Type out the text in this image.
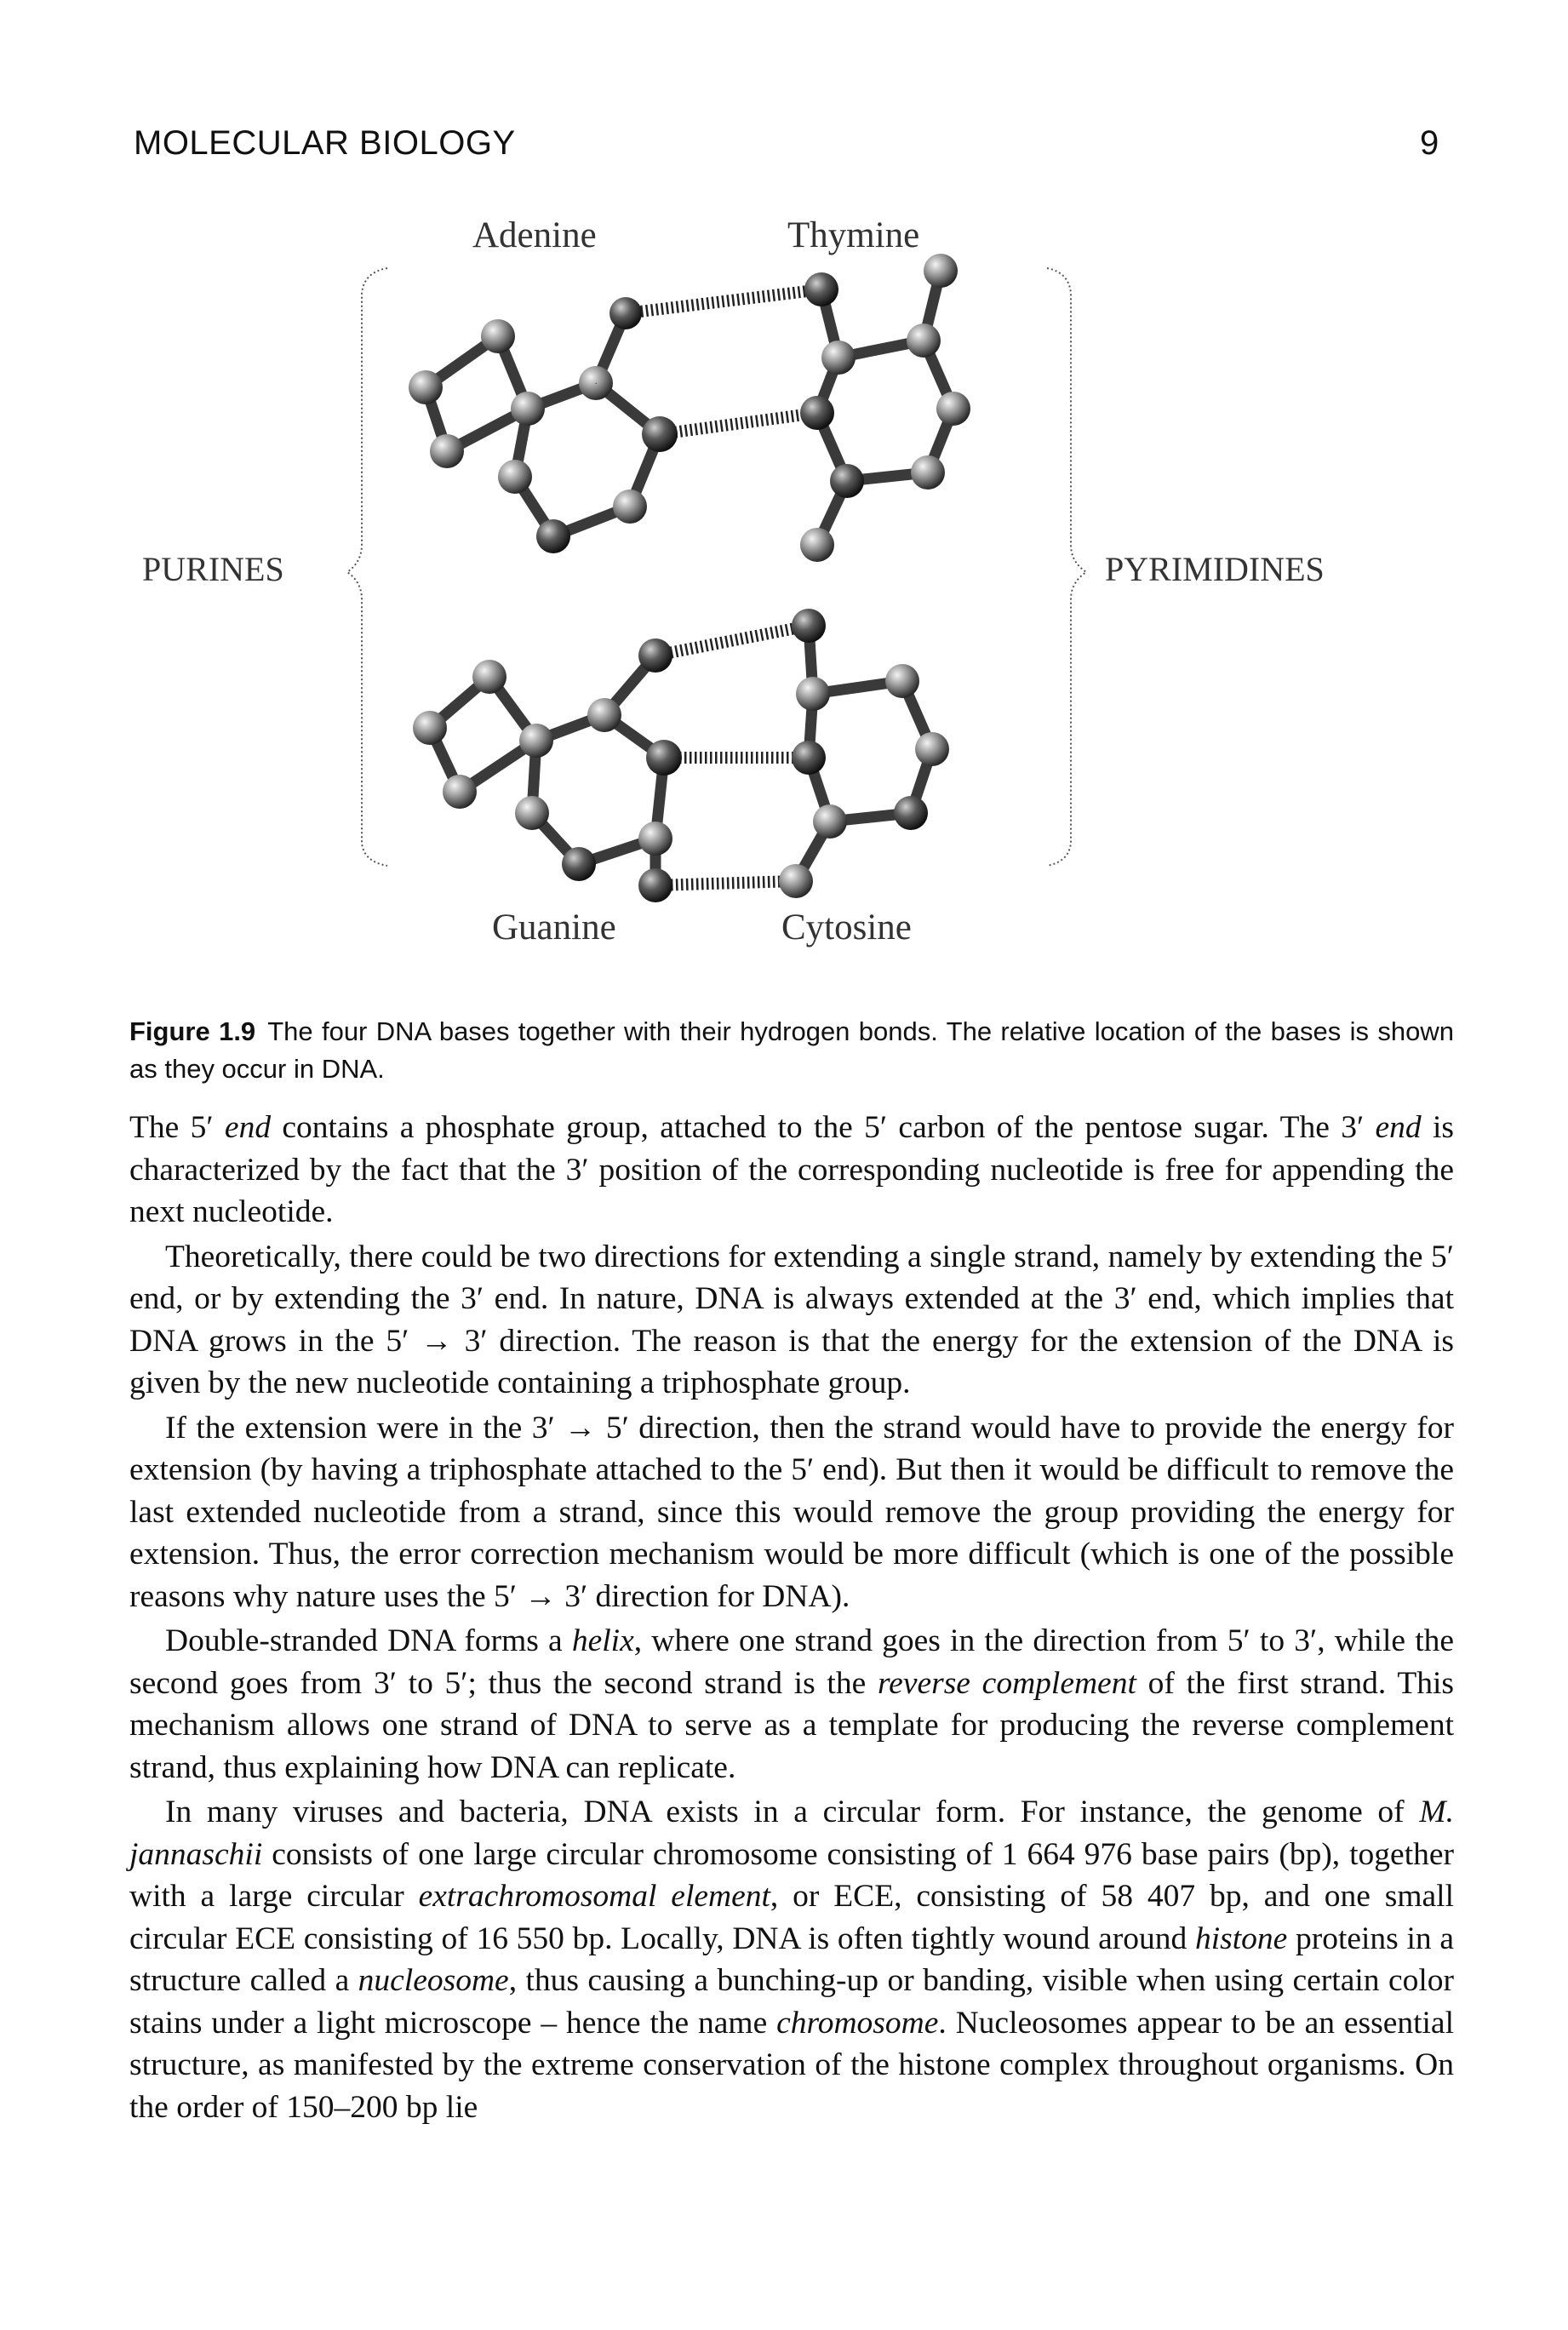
MOLECULAR BIOLOGY	9
Adenine	Thymine
PURINES	PYRIMIDINES
Guanine	Cytosine
Figure 1.9 The four DNA bases together with their hydrogen bonds. The relative location of the bases is shown as they occur in DNA.

The 5′ end contains a phosphate group, attached to the 5′ carbon of the pentose sugar. The 3′ end is characterized by the fact that the 3′ position of the corresponding nucleotide is free for appending the next nucleotide.

Theoretically, there could be two directions for extending a single strand, namely by extending the 5′ end, or by extending the 3′ end. In nature, DNA is always extended at the 3′ end, which implies that DNA grows in the 5′ → 3′ direction. The reason is that the energy for the extension of the DNA is given by the new nucleotide containing a triphosphate group.

If the extension were in the 3′ → 5′ direction, then the strand would have to provide the energy for extension (by having a triphosphate attached to the 5′ end). But then it would be difficult to remove the last extended nucleotide from a strand, since this would remove the group providing the energy for extension. Thus, the error correction mechanism would be more difficult (which is one of the possible reasons why nature uses the 5′ → 3′ direction for DNA).

Double-stranded DNA forms a helix, where one strand goes in the direction from 5′ to 3′, while the second goes from 3′ to 5′; thus the second strand is the reverse complement of the first strand. This mechanism allows one strand of DNA to serve as a template for producing the reverse complement strand, thus explaining how DNA can replicate.

In many viruses and bacteria, DNA exists in a circular form. For instance, the genome of M. jannaschii consists of one large circular chromosome consisting of 1 664 976 base pairs (bp), together with a large circular extrachromosomal element, or ECE, consisting of 58 407 bp, and one small circular ECE consisting of 16 550 bp. Locally, DNA is often tightly wound around histone proteins in a structure called a nucleosome, thus causing a bunching-up or banding, visible when using certain color stains under a light microscope – hence the name chromosome. Nucleosomes appear to be an essential structure, as manifested by the extreme conservation of the histone complex throughout organisms. On the order of 150–200 bp lie
